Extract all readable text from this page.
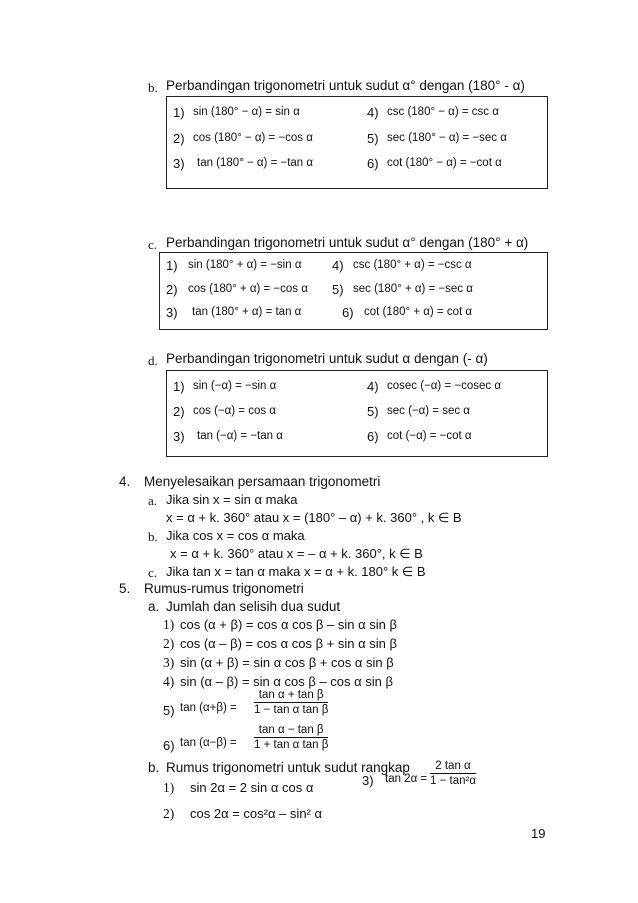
b. Perbandingan trigonometri untuk sudut α° dengan (180° - α)
1) sin (180° − α) = sin α
2) cos (180° − α) = −cos α
3) tan (180° − α) = −tan α
4) csc (180° − α) = csc α
5) sec (180° − α) = −sec α
6) cot (180° − α) = −cot α
c. Perbandingan trigonometri untuk sudut α° dengan (180° + α)
1) sin (180° + α) = −sin α
2) cos (180° + α) = −cos α
3) tan (180° + α) = tan α
4) csc (180° + α) = −csc α
5) sec (180° + α) = −sec α
6) cot (180° + α) = cot α
d. Perbandingan trigonometri untuk sudut α dengan (- α)
1) sin (−α) = −sin α
2) cos (−α) = cos α
3) tan (−α) = −tan α
4) cosec (−α) = −cosec α
5) sec (−α) = sec α
6) cot (−α) = −cot α
4. Menyelesaikan persamaan trigonometri
a. Jika sin x = sin α maka
x = α + k. 360° atau x = (180° – α) + k. 360° , k ∈ B
b. Jika cos x = cos α maka
x = α + k. 360° atau x = – α + k. 360°, k ∈ B
c. Jika tan x = tan α maka x = α + k. 180° k ∈ B
5. Rumus-rumus trigonometri
a. Jumlah dan selisih dua sudut
1) cos (α + β) = cos α cos β – sin α sin β
2) cos (α – β) = cos α cos β + sin α sin β
3) sin (α + β) = sin α cos β + cos α sin β
4) sin (α – β) = sin α cos β – cos α sin β
5) tan (α+β) =
tan α + tan β
1 − tan α tan β
6) tan (α−β) =
tan α − tan β
1 + tan α tan β
b. Rumus trigonometri untuk sudut rangkap
1) sin 2α = 2 sin α cos α
2) cos 2α = cos²α – sin² α
3) tan 2α =
2 tan α
1 − tan²α
19
